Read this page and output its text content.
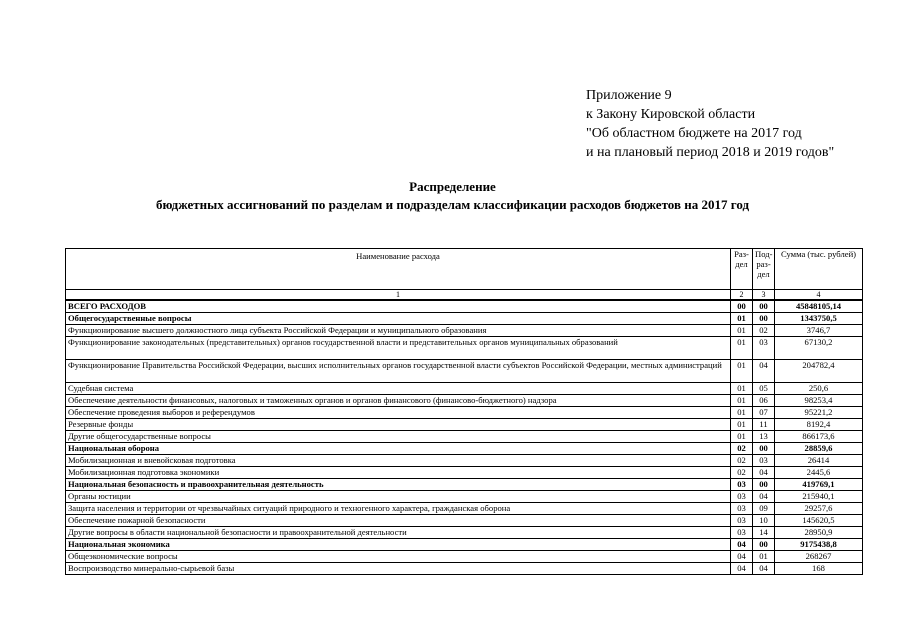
Приложение 9
к Закону Кировской области
"Об областном бюджете на 2017 год
и на плановый период 2018 и 2019 годов"
Распределение
бюджетных ассигнований по разделам и подразделам классификации расходов бюджетов на 2017 год
Наименование расхода	Раз-дел	Под-раз-дел	Сумма (тыс. рублей)
1	2	3	4
ВСЕГО РАСХОДОВ	00	00	45848105,14
Общегосударственные вопросы	01	00	1343750,5
Функционирование высшего должностного лица субъекта Российской Федерации и муниципального образования	01	02	3746,7
Функционирование законодательных (представительных) органов государственной власти и представительных органов муниципальных образований	01	03	67130,2
Функционирование Правительства Российской Федерации, высших исполнительных органов государственной власти субъектов Российской Федерации, местных администраций	01	04	204782,4
Судебная система	01	05	250,6
Обеспечение деятельности финансовых, налоговых и таможенных органов и органов финансового (финансово-бюджетного) надзора	01	06	98253,4
Обеспечение проведения выборов и референдумов	01	07	95221,2
Резервные фонды	01	11	8192,4
Другие общегосударственные вопросы	01	13	866173,6
Национальная оборона	02	00	28859,6
Мобилизационная и вневойсковая подготовка	02	03	26414
Мобилизационная подготовка экономики	02	04	2445,6
Национальная безопасность и правоохранительная деятельность	03	00	419769,1
Органы юстиции	03	04	215940,1
Защита населения и территории от чрезвычайных ситуаций природного и техногенного характера, гражданская оборона	03	09	29257,6
Обеспечение пожарной безопасности	03	10	145620,5
Другие вопросы в области национальной безопасности и правоохранительной деятельности	03	14	28950,9
Национальная экономика	04	00	9175438,8
Общеэкономические вопросы	04	01	268267
Воспроизводство минерально-сырьевой базы	04	04	168
